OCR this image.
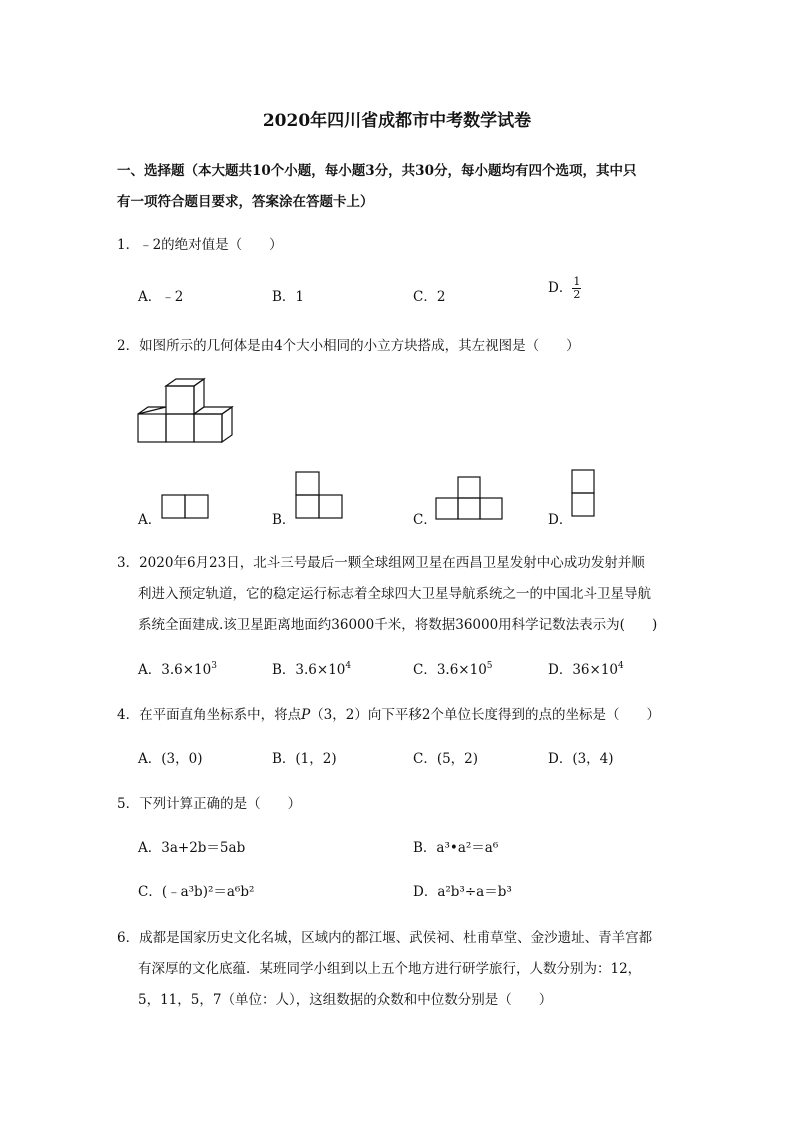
2020年四川省成都市中考数学试卷
一、选择题（本大题共10个小题，每小题3分，共30分，每小题均有四个选项，其中只
有一项符合题目要求，答案涂在答题卡上）
1．﹣2的绝对值是（　　）
A．﹣2	B．1	C．2
D． $\frac{1}{2}$
2．如图所示的几何体是由4个大小相同的小立方块搭成，其左视图是（　　）
A．	B．	C．	D．
3．2020年6月23日，北斗三号最后一颗全球组网卫星在西昌卫星发射中心成功发射并顺
利进入预定轨道，它的稳定运行标志着全球四大卫星导航系统之一的中国北斗卫星导航
系统全面建成.该卫星距离地面约36000千米，将数据36000用科学记数法表示为(　　)
A．$3.6\times 10^3$	B．$3.6\times 10^4$	C．$3.6\times 10^5$	D．$36\times 10^4$
4．在平面直角坐标系中，将点P（3，2）向下平移2个单位长度得到的点的坐标是（　　）
A．(3，0)	B．(1，2)	C．(5，2)	D．(3，4)
5．下列计算正确的是（　　）
A．3a+2b＝5ab	B．a³•a²＝a⁶
C．(﹣a³b)²＝a⁶b²	D．a²b³÷a＝b³
6．成都是国家历史文化名城，区域内的都江堰、武侯祠、杜甫草堂、金沙遗址、青羊宫都
有深厚的文化底蕴．某班同学小组到以上五个地方进行研学旅行，人数分别为：12，
5，11，5，7（单位：人），这组数据的众数和中位数分别是（　　）
